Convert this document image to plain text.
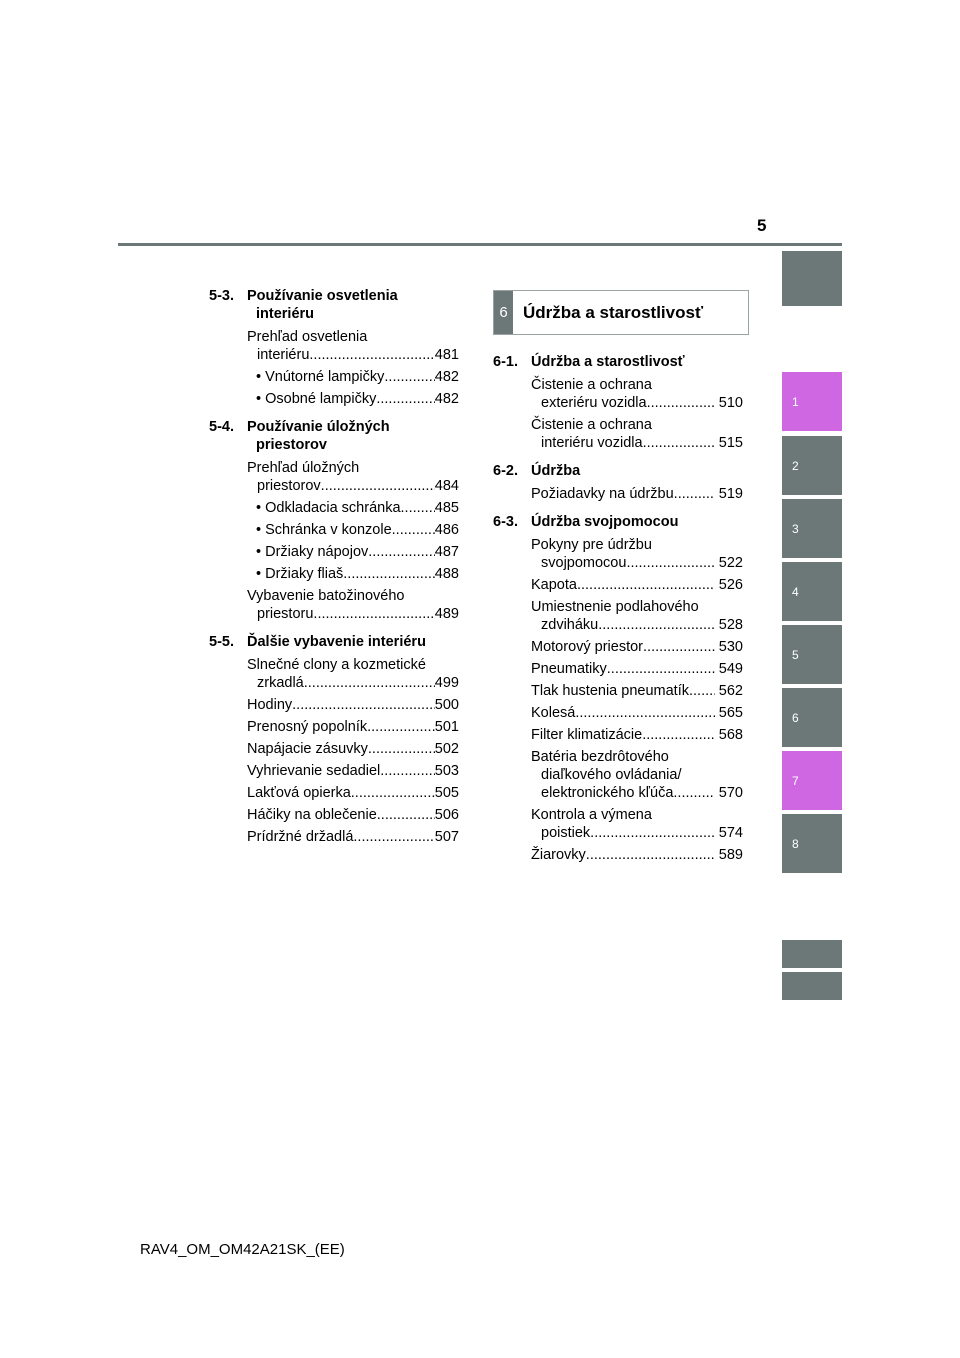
5
1
2
3
4
5
6
7
8
5-3. Používanie osvetlenia interiéru
Prehľad osvetlenia
interiéru .....	481
• Vnútorné lampičky .....	482
• Osobné lampičky .....	482
5-4. Používanie úložných priestorov
Prehľad úložných
priestorov .....	484
• Odkladacia schránka ..... 485
• Schránka v konzole .....	486
• Držiaky nápojov .....	487
• Držiaky fliaš .....	488
Vybavenie batožinového
priestoru .....	489
5-5. Ďalšie vybavenie interiéru
Slnečné clony a kozmetické
zrkadlá .....	499
Hodiny .....	500
Prenosný popolník .....	501
Napájacie zásuvky .....	502
Vyhrievanie sedadiel .....	503
Lakťová opierka .....	505
Háčiky na oblečenie .....	506
Prídržné držadlá .....	507
6 Údržba a starostlivosť
6-1. Údržba a starostlivosť
Čistenie a ochrana
exteriéru vozidla .....	510
Čistenie a ochrana
interiéru vozidla .....	515
6-2. Údržba
Požiadavky na údržbu .....	519
6-3. Údržba svojpomocou
Pokyny pre údržbu
svojpomocou .....	522
Kapota .....	526
Umiestnenie podlahového
zdviháku .....	528
Motorový priestor .....	530
Pneumatiky .....	549
Tlak hustenia pneumatík ..... 562
Kolesá .....	565
Filter klimatizácie .....	568
Batéria bezdrôtového
diaľkového ovládania/
elektronického kľúča .....	570
Kontrola a výmena
poistiek .....	574
Žiarovky .....	589
RAV4_OM_OM42A21SK_(EE)
